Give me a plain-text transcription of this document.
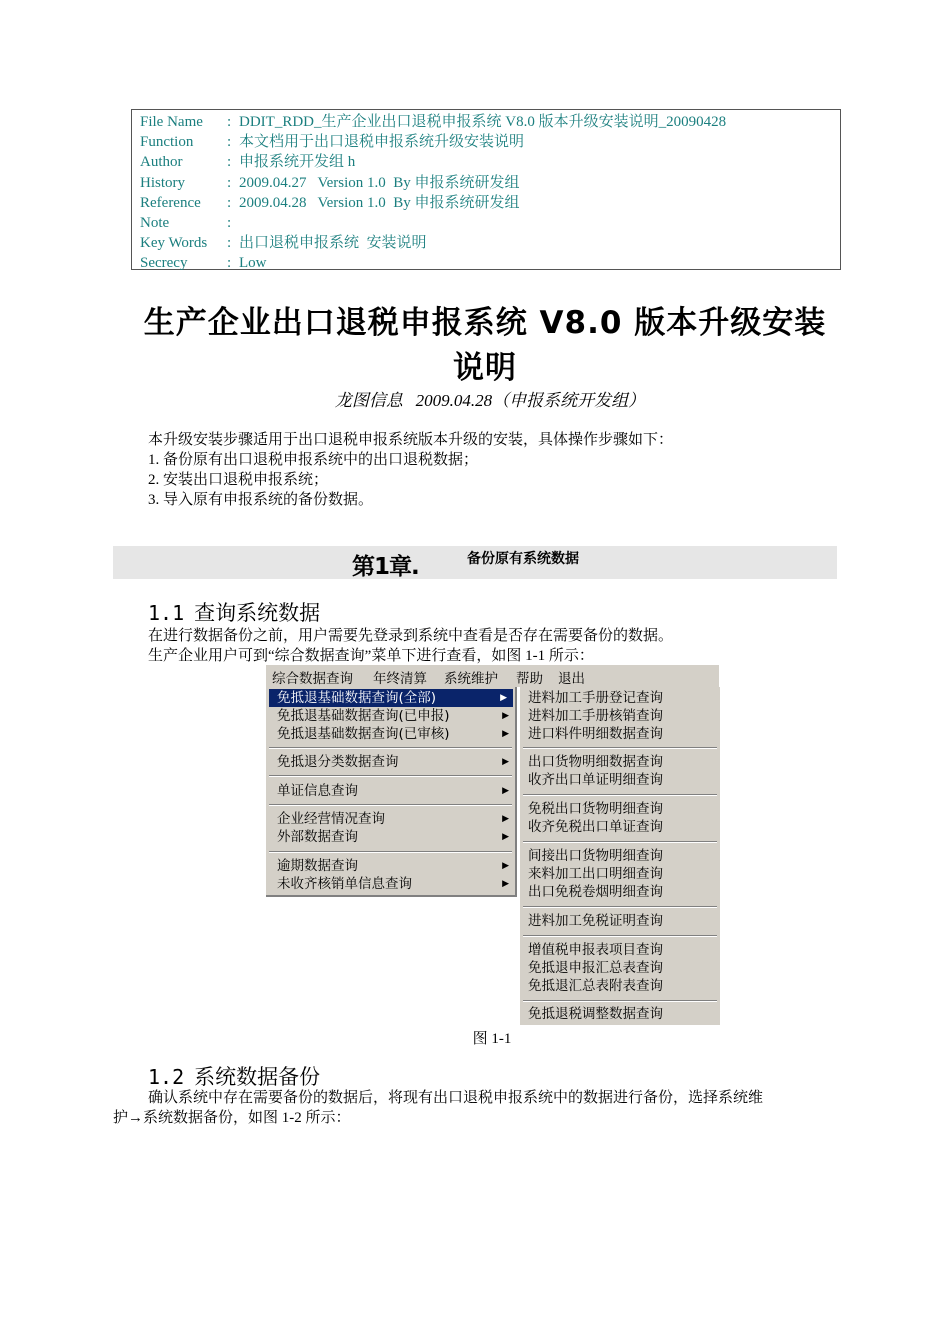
File Name	: DDIT_RDD_生产企业出口退税申报系统 V8.0 版本升级安装说明_20090428
Function	: 本文档用于出口退税申报系统升级安装说明
Author	: 申报系统开发组 h
History	: 2009.04.27   Version 1.0  By 申报系统研发组
Reference	: 2009.04.28   Version 1.0  By 申报系统研发组
Note	:
Key Words	: 出口退税申报系统  安装说明
Secrecy	: Low
生产企业出口退税申报系统 V8.0 版本升级安装
说明
龙图信息   2009.04.28（申报系统开发组）
本升级安装步骤适用于出口退税申报系统版本升级的安装，具体操作步骤如下：
1. 备份原有出口退税申报系统中的出口退税数据；
2. 安装出口退税申报系统；
3. 导入原有申报系统的备份数据。
第1章.	备份原有系统数据
1.1 查询系统数据
在进行数据备份之前，用户需要先登录到系统中查看是否存在需要备份的数据。
生产企业用户可到“综合数据查询”菜单下进行查看，如图 1-1 所示：
综合数据查询 年终清算 系统维护 帮助 退出
免抵退基础数据查询(全部)	▶
免抵退基础数据查询(已申报)	▶
免抵退基础数据查询(已审核)	▶
免抵退分类数据查询	▶
单证信息查询	▶
企业经营情况查询	▶
外部数据查询	▶
逾期数据查询	▶
未收齐核销单信息查询	▶
进料加工手册登记查询
进料加工手册核销查询
进口料件明细数据查询
出口货物明细数据查询
收齐出口单证明细查询
免税出口货物明细查询
收齐免税出口单证查询
间接出口货物明细查询
来料加工出口明细查询
出口免税卷烟明细查询
进料加工免税证明查询
增值税申报表项目查询
免抵退申报汇总表查询
免抵退汇总表附表查询
免抵退税调整数据查询
图 1-1
1.2 系统数据备份
确认系统中存在需要备份的数据后，将现有出口退税申报系统中的数据进行备份，选择系统维
护→系统数据备份，如图 1-2 所示：
